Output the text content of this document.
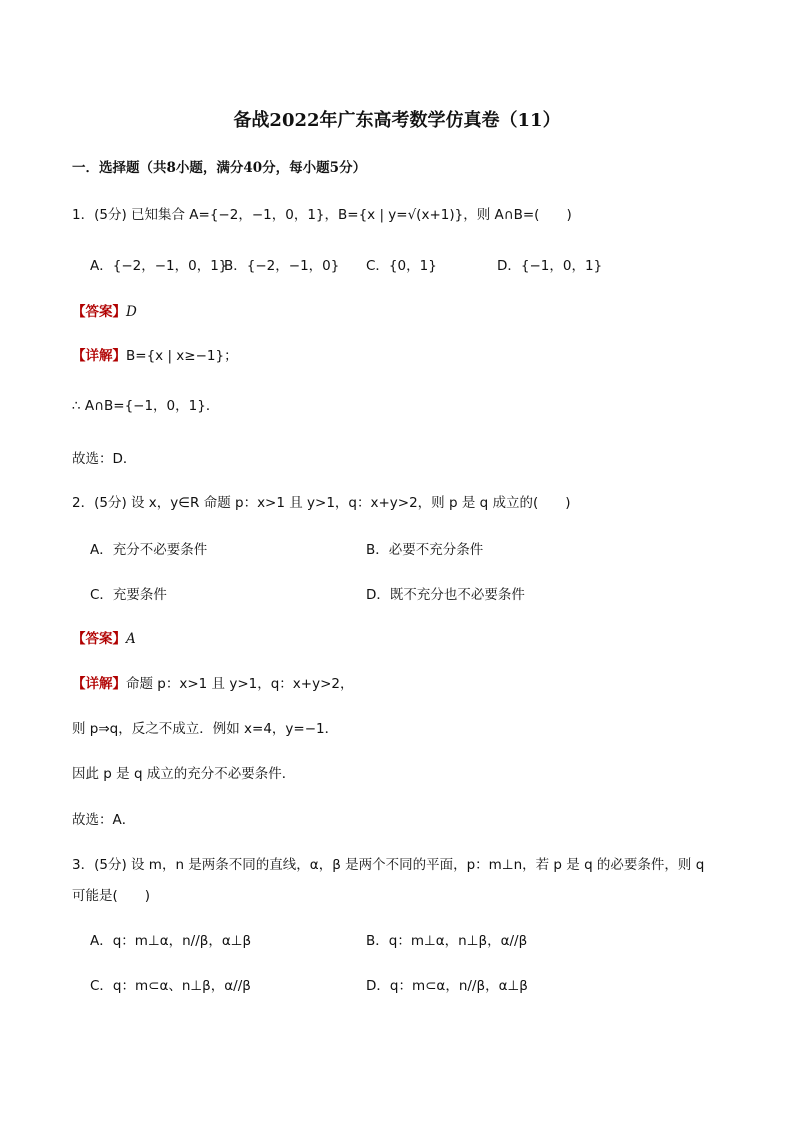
备战2022年广东高考数学仿真卷（11）
一．选择题（共8小题，满分40分，每小题5分）
1．(5分) 已知集合 A={−2，−1，0，1}，B={x | y=√(x+1)}，则 A∩B=(　　)
A．{−2，−1，0，1}
B．{−2，−1，0} C．{0，1}	D．{−1，0，1}
【答案】D
【详解】B={x | x≥−1}；
∴ A∩B={−1，0，1}．
故选：D．
2．(5分) 设 x，y∈R 命题 p：x>1 且 y>1，q：x+y>2，则 p 是 q 成立的(　　)
A．充分不必要条件	B．必要不充分条件
C．充要条件	D．既不充分也不必要条件
【答案】A
【详解】命题 p：x>1 且 y>1，q：x+y>2，
则 p⇒q，反之不成立．例如 x=4，y=−1．
因此 p 是 q 成立的充分不必要条件．
故选：A．
3．(5分) 设 m，n 是两条不同的直线，α，β 是两个不同的平面，p：m⊥n，若 p 是 q 的必要条件，则 q
可能是(　　)
A．q：m⊥α，n//β，α⊥β	B．q：m⊥α，n⊥β，α//β
C．q：m⊂α、n⊥β，α//β	D．q：m⊂α，n//β，α⊥β
